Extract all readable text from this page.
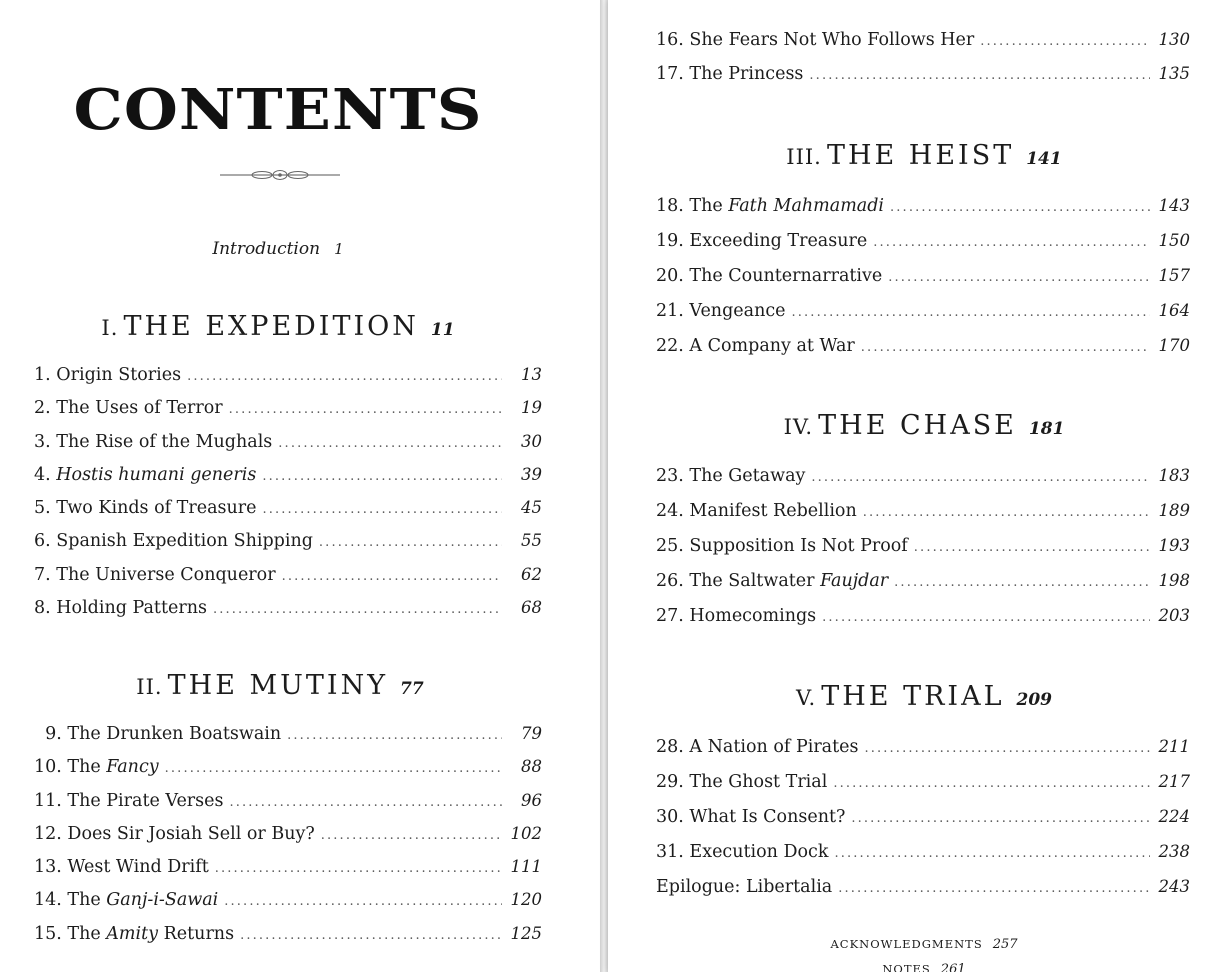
CONTENTS
Introduction 1
I. THE EXPEDITION 11
1. Origin Stories . . .	13
2. The Uses of Terror . . .	19
3. The Rise of the Mughals . . .	30
4. Hostis humani generis . . .	39
5. Two Kinds of Treasure . . .	45
6. Spanish Expedition Shipping . . .	55
7. The Universe Conqueror . . .	62
8. Holding Patterns . . .	68
II. THE MUTINY 77
9. The Drunken Boatswain . . .	79
10. The Fancy . . .	88
11. The Pirate Verses . . .	96
12. Does Sir Josiah Sell or Buy? . . .	102
13. West Wind Drift . . .	111
14. The Ganj-i-Sawai . . .	120
15. The Amity Returns . . .	125
16. She Fears Not Who Follows Her . . .	130
17. The Princess . . .	135
III. THE HEIST 141
18. The Fath Mahmamadi . . .	143
19. Exceeding Treasure . . .	150
20. The Counternarrative . . .	157
21. Vengeance . . .	164
22. A Company at War . . .	170
IV. THE CHASE 181
23. The Getaway . . .	183
24. Manifest Rebellion . . .	189
25. Supposition Is Not Proof . . .	193
26. The Saltwater Faujdar . . .	198
27. Homecomings . . .	203
V. THE TRIAL 209
28. A Nation of Pirates . . .	211
29. The Ghost Trial . . .	217
30. What Is Consent? . . .	224
31. Execution Dock . . .	238
Epilogue: Libertalia . . .	243
ACKNOWLEDGMENTS 257
NOTES 261
